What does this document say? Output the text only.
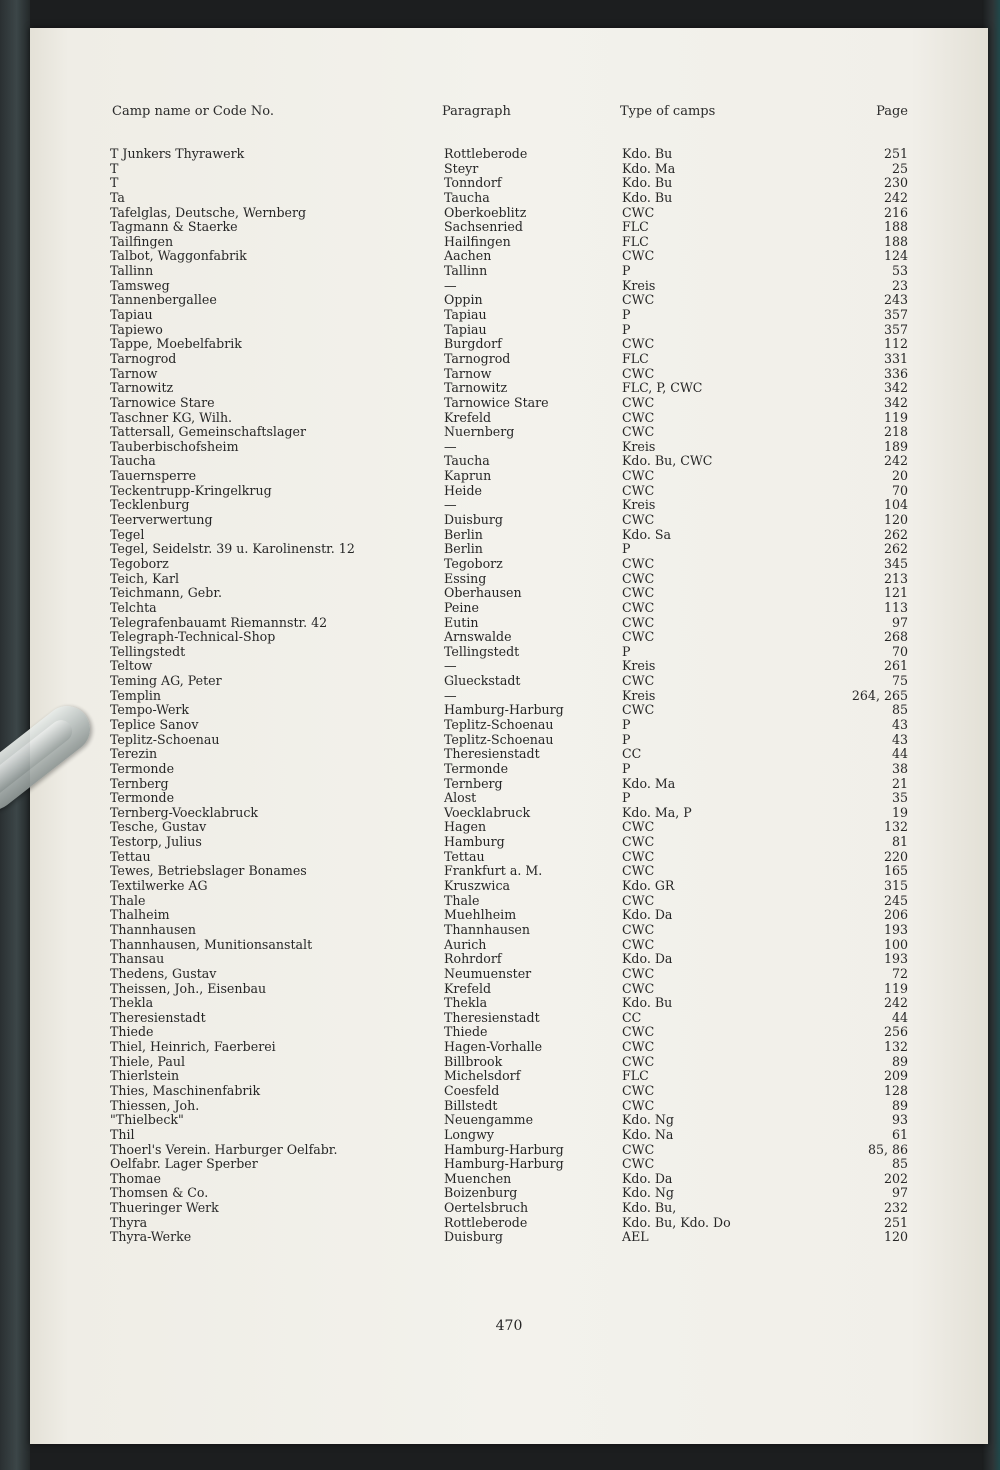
Camp name or Code No.	Paragraph	Type of camps	Page
T Junkers Thyrawerk	Rottleberode	Kdo. Bu	251
T	Steyr	Kdo. Ma	25
T	Tonndorf	Kdo. Bu	230
Ta	Taucha	Kdo. Bu	242
Tafelglas, Deutsche, Wernberg	Oberkoeblitz	CWC	216
Tagmann & Staerke	Sachsenried	FLC	188
Tailfingen	Hailfingen	FLC	188
Talbot, Waggonfabrik	Aachen	CWC	124
Tallinn	Tallinn	P	53
Tamsweg	—	Kreis	23
Tannenbergallee	Oppin	CWC	243
Tapiau	Tapiau	P	357
Tapiewo	Tapiau	P	357
Tappe, Moebelfabrik	Burgdorf	CWC	112
Tarnogrod	Tarnogrod	FLC	331
Tarnow	Tarnow	CWC	336
Tarnowitz	Tarnowitz	FLC, P, CWC	342
Tarnowice Stare	Tarnowice Stare	CWC	342
Taschner KG, Wilh.	Krefeld	CWC	119
Tattersall, Gemeinschaftslager	Nuernberg	CWC	218
Tauberbischofsheim	—	Kreis	189
Taucha	Taucha	Kdo. Bu, CWC	242
Tauernsperre	Kaprun	CWC	20
Teckentrupp-Kringelkrug	Heide	CWC	70
Tecklenburg	—	Kreis	104
Teerverwertung	Duisburg	CWC	120
Tegel	Berlin	Kdo. Sa	262
Tegel, Seidelstr. 39 u. Karolinenstr. 12	Berlin	P	262
Tegoborz	Tegoborz	CWC	345
Teich, Karl	Essing	CWC	213
Teichmann, Gebr.	Oberhausen	CWC	121
Telchta	Peine	CWC	113
Telegrafenbauamt Riemannstr. 42	Eutin	CWC	97
Telegraph-Technical-Shop	Arnswalde	CWC	268
Tellingstedt	Tellingstedt	P	70
Teltow	—	Kreis	261
Teming AG, Peter	Glueckstadt	CWC	75
Templin	—	Kreis	264, 265
Tempo-Werk	Hamburg-Harburg	CWC	85
Teplice Sanov	Teplitz-Schoenau	P	43
Teplitz-Schoenau	Teplitz-Schoenau	P	43
Terezin	Theresienstadt	CC	44
Termonde	Termonde	P	38
Ternberg	Ternberg	Kdo. Ma	21
Termonde	Alost	P	35
Ternberg-Voecklabruck	Voecklabruck	Kdo. Ma, P	19
Tesche, Gustav	Hagen	CWC	132
Testorp, Julius	Hamburg	CWC	81
Tettau	Tettau	CWC	220
Tewes, Betriebslager Bonames	Frankfurt a. M.	CWC	165
Textilwerke AG	Kruszwica	Kdo. GR	315
Thale	Thale	CWC	245
Thalheim	Muehlheim	Kdo. Da	206
Thannhausen	Thannhausen	CWC	193
Thannhausen, Munitionsanstalt	Aurich	CWC	100
Thansau	Rohrdorf	Kdo. Da	193
Thedens, Gustav	Neumuenster	CWC	72
Theissen, Joh., Eisenbau	Krefeld	CWC	119
Thekla	Thekla	Kdo. Bu	242
Theresienstadt	Theresienstadt	CC	44
Thiede	Thiede	CWC	256
Thiel, Heinrich, Faerberei	Hagen-Vorhalle	CWC	132
Thiele, Paul	Billbrook	CWC	89
Thierlstein	Michelsdorf	FLC	209
Thies, Maschinenfabrik	Coesfeld	CWC	128
Thiessen, Joh.	Billstedt	CWC	89
"Thielbeck"	Neuengamme	Kdo. Ng	93
Thil	Longwy	Kdo. Na	61
Thoerl's Verein. Harburger Oelfabr.	Hamburg-Harburg	CWC	85, 86
Oelfabr. Lager Sperber	Hamburg-Harburg	CWC	85
Thomae	Muenchen	Kdo. Da	202
Thomsen & Co.	Boizenburg	Kdo. Ng	97
Thueringer Werk	Oertelsbruch	Kdo. Bu,	232
Thyra	Rottleberode	Kdo. Bu, Kdo. Do	251
Thyra-Werke	Duisburg	AEL	120
470
